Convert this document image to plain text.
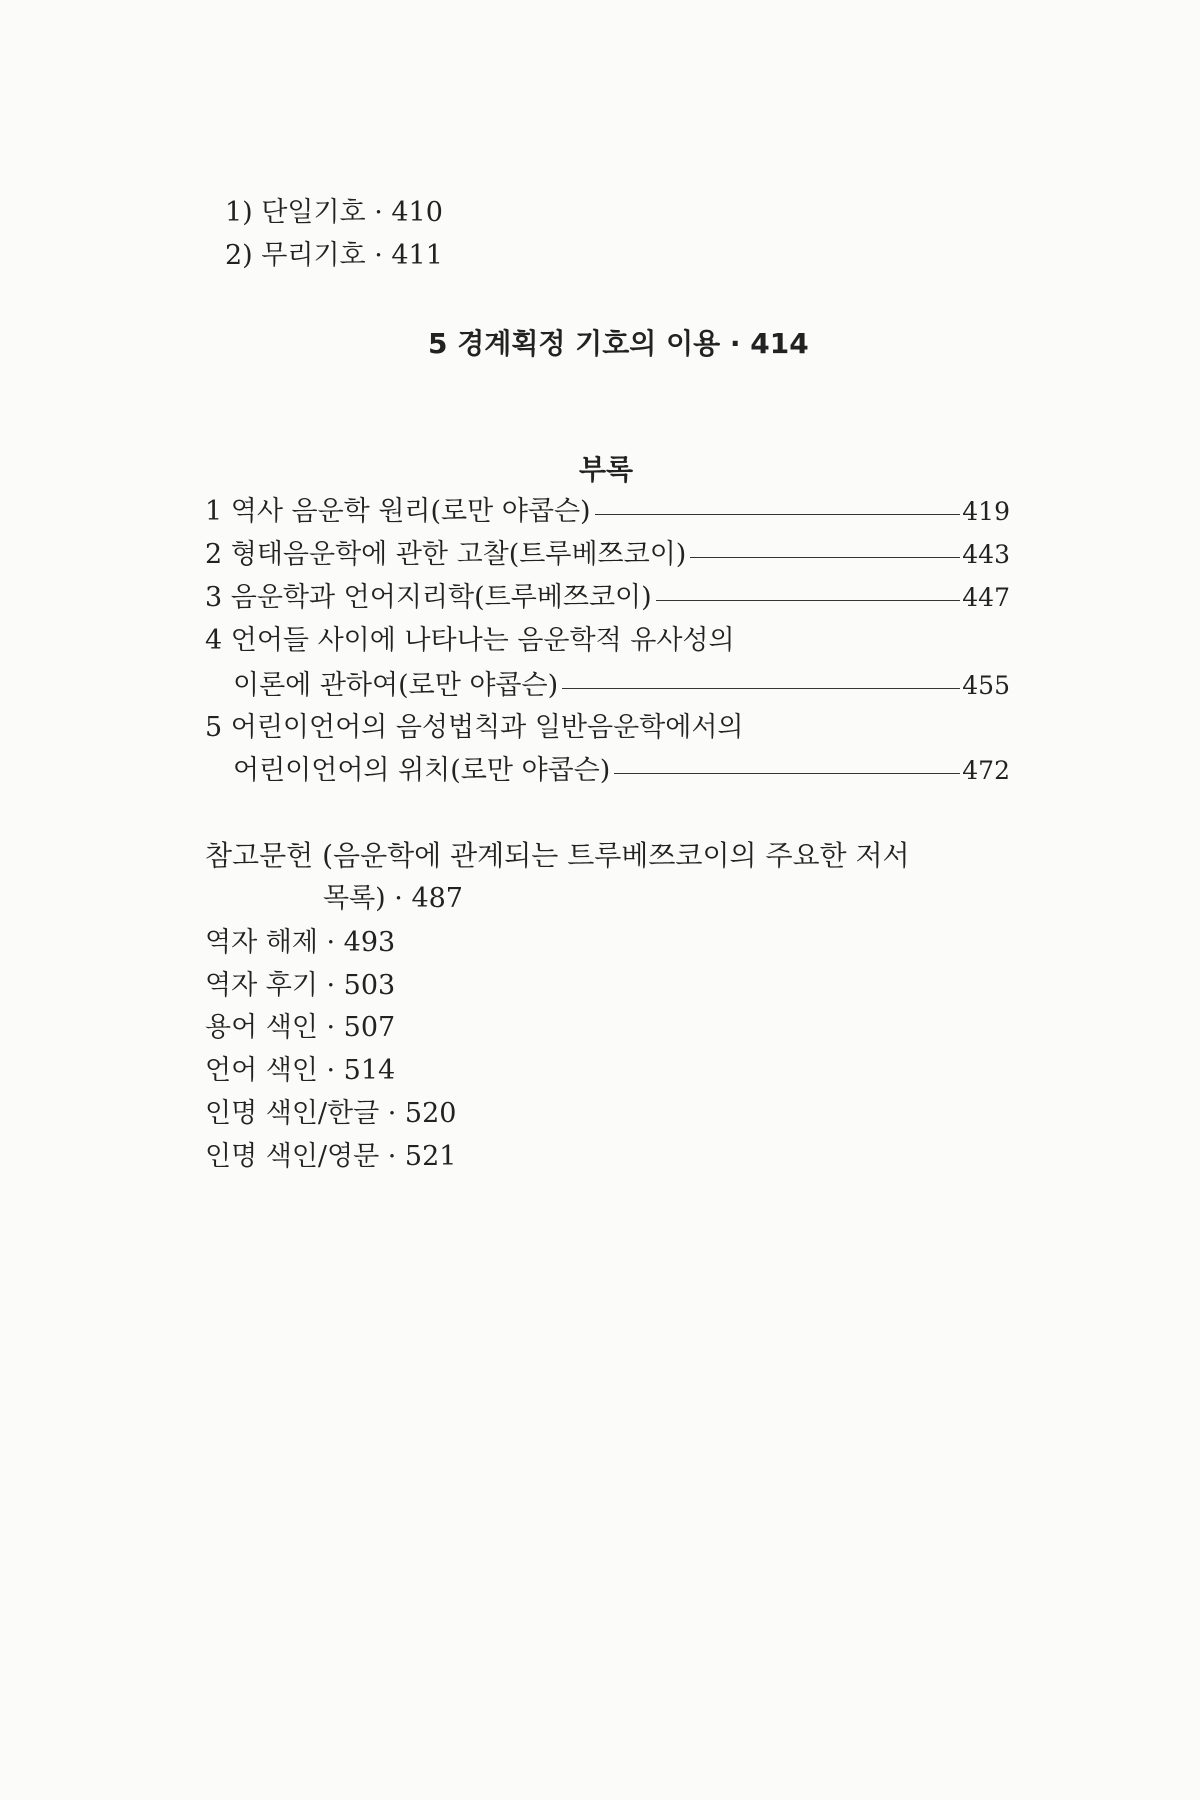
1) 단일기호 · 410
2) 무리기호 · 411
5 경계획정 기호의 이용 · 414
부록
1 역사 음운학 원리(로만 야콥슨)	419
2 형태음운학에 관한 고찰(트루베쯔코이)	443
3 음운학과 언어지리학(트루베쯔코이)	447
4 언어들 사이에 나타나는 음운학적 유사성의
이론에 관하여(로만 야콥슨)	455
5 어린이언어의 음성법칙과 일반음운학에서의
어린이언어의 위치(로만 야콥슨)	472
참고문헌 (음운학에 관계되는 트루베쯔코이의 주요한 저서
목록) · 487
역자 해제 · 493
역자 후기 · 503
용어 색인 · 507
언어 색인 · 514
인명 색인/한글 · 520
인명 색인/영문 · 521
